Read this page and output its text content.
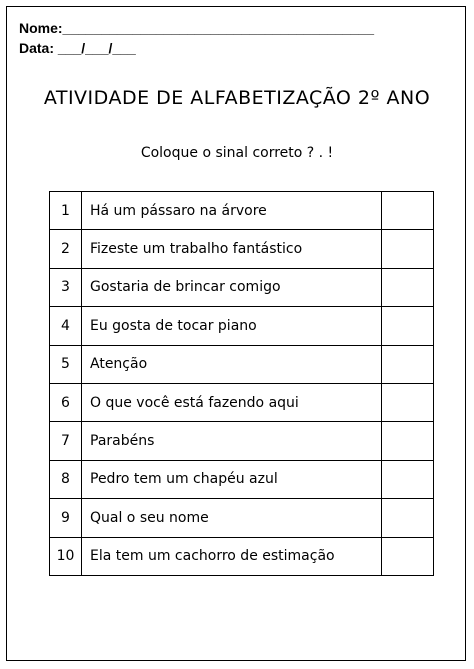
Nome:________________________________________
Data: ___/___/___
ATIVIDADE DE ALFABETIZAÇÃO 2º ANO
Coloque o sinal correto ? . !
1	Há um pássaro na árvore	
2	Fizeste um trabalho fantástico	
3	Gostaria de brincar comigo	
4	Eu gosta de tocar piano	
5	Atenção	
6	O que você está fazendo aqui	
7	Parabéns	
8	Pedro tem um chapéu azul	
9	Qual o seu nome	
10	Ela tem um cachorro de estimação	
